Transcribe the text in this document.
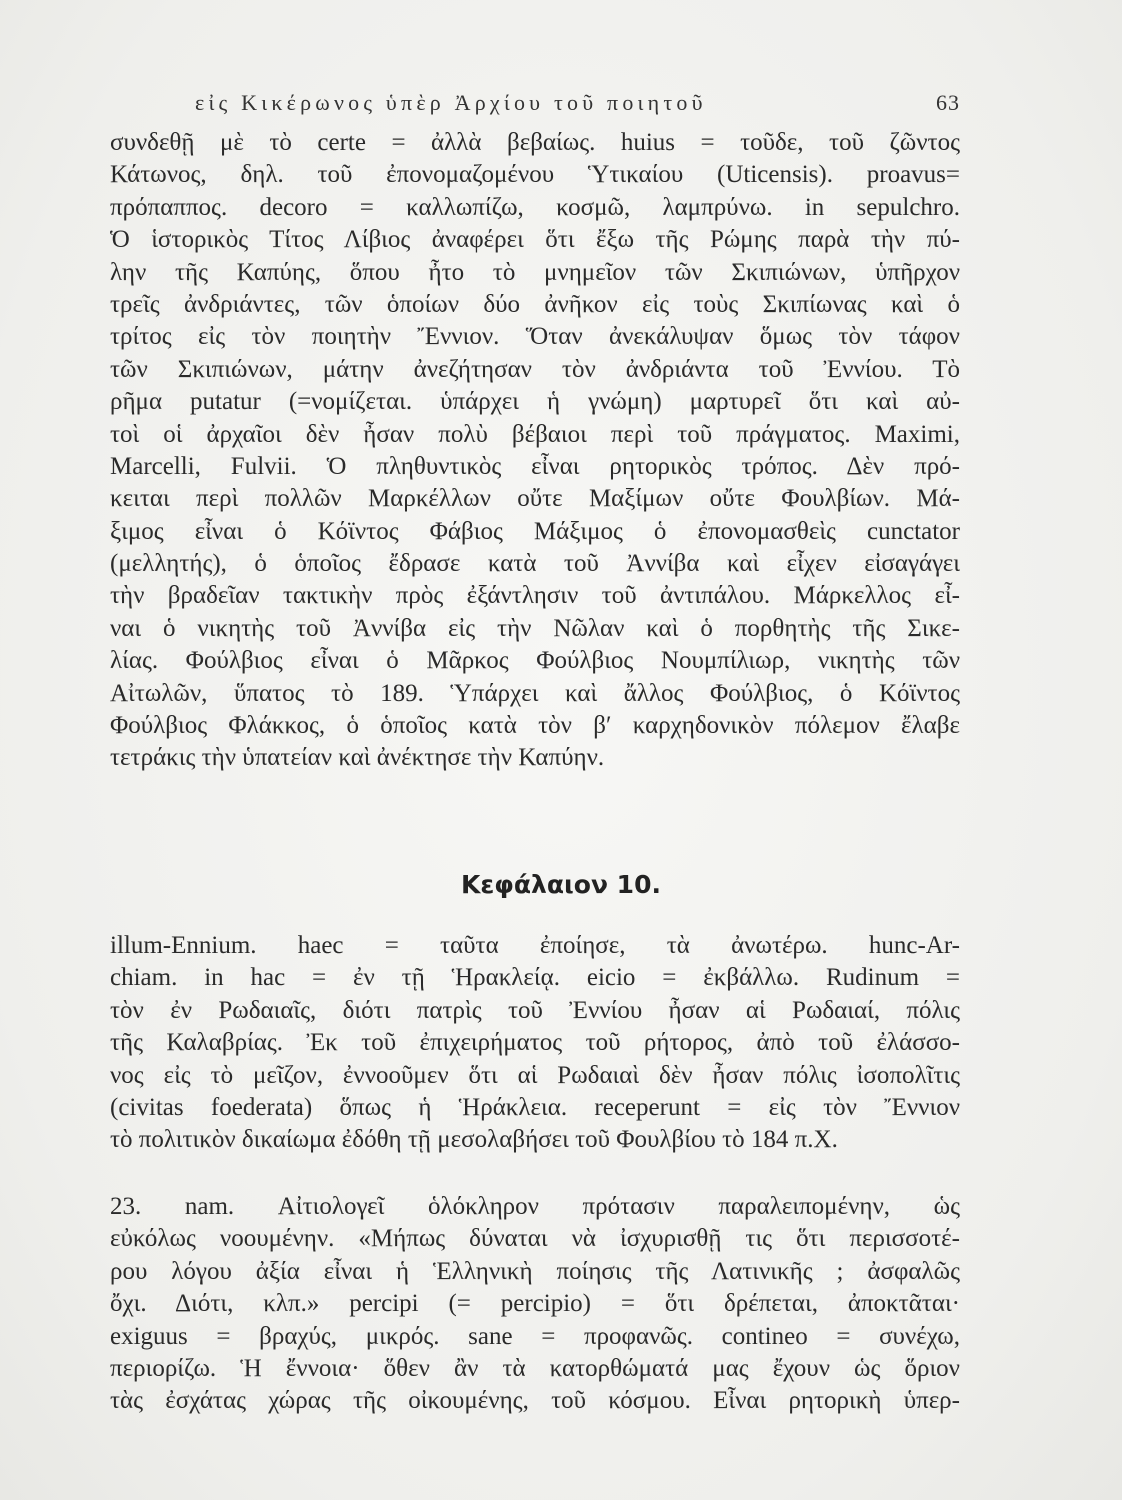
εἰς Κικέρωνος ὑπὲρ Ἀρχίου τοῦ ποιητοῦ	63
συνδεθῇ μὲ τὸ certe = ἀλλὰ βεβαίως. huius = τοῦδε, τοῦ ζῶντος
Κάτωνος, δηλ. τοῦ ἐπονομαζομένου Ὑτικαίου (Uticensis). proavus=
πρόπαππος. decoro = καλλωπίζω, κοσμῶ, λαμπρύνω. in sepulchro.
Ὁ ἱστορικὸς Τίτος Λίβιος ἀναφέρει ὅτι ἔξω τῆς Ρώμης παρὰ τὴν πύ-
λην τῆς Καπύης, ὅπου ἦτο τὸ μνημεῖον τῶν Σκιπιώνων, ὑπῆρχον
τρεῖς ἀνδριάντες, τῶν ὁποίων δύο ἀνῆκον εἰς τοὺς Σκιπίωνας καὶ ὁ
τρίτος εἰς τὸν ποιητὴν Ἔννιον. Ὅταν ἀνεκάλυψαν ὅμως τὸν τάφον
τῶν Σκιπιώνων, μάτην ἀνεζήτησαν τὸν ἀνδριάντα τοῦ Ἐννίου. Τὸ
ρῆμα putatur (=νομίζεται. ὑπάρχει ἡ γνώμη) μαρτυρεῖ ὅτι καὶ αὐ-
τοὶ οἱ ἀρχαῖοι δὲν ἦσαν πολὺ βέβαιοι περὶ τοῦ πράγματος. Maximi,
Marcelli, Fulvii. Ὁ πληθυντικὸς εἶναι ρητορικὸς τρόπος. Δὲν πρό-
κειται περὶ πολλῶν Μαρκέλλων οὔτε Μαξίμων οὔτε Φουλβίων. Μά-
ξιμος εἶναι ὁ Κόϊντος Φάβιος Μάξιμος ὁ ἐπονομασθεὶς cunctator
(μελλητής), ὁ ὁποῖος ἔδρασε κατὰ τοῦ Ἀννίβα καὶ εἶχεν εἰσαγάγει
τὴν βραδεῖαν τακτικὴν πρὸς ἐξάντλησιν τοῦ ἀντιπάλου. Μάρκελλος εἶ-
ναι ὁ νικητὴς τοῦ Ἀννίβα εἰς τὴν Νῶλαν καὶ ὁ πορθητὴς τῆς Σικε-
λίας. Φούλβιος εἶναι ὁ Μᾶρκος Φούλβιος Νουμπίλιωρ, νικητὴς τῶν
Αἰτωλῶν, ὕπατος τὸ 189. Ὑπάρχει καὶ ἄλλος Φούλβιος, ὁ Κόϊντος
Φούλβιος Φλάκκος, ὁ ὁποῖος κατὰ τὸν β′ καρχηδονικὸν πόλεμον ἔλαβε
τετράκις τὴν ὑπατείαν καὶ ἀνέκτησε τὴν Καπύην.
Κεφάλαιον 10.
illum-Ennium. haec = ταῦτα ἐποίησε, τὰ ἀνωτέρω. hunc-Ar-
chiam. in hac = ἐν τῇ Ἡρακλείᾳ. eicio = ἐκβάλλω. Rudinum =
τὸν ἐν Ρωδαιαῖς, διότι πατρὶς τοῦ Ἐννίου ἦσαν αἱ Ρωδαιαί, πόλις
τῆς Καλαβρίας. Ἐκ τοῦ ἐπιχειρήματος τοῦ ρήτορος, ἀπὸ τοῦ ἐλάσσο-
νος εἰς τὸ μεῖζον, ἐννοοῦμεν ὅτι αἱ Ρωδαιαὶ δὲν ἦσαν πόλις ἰσοπολῖτις
(civitas foederata) ὅπως ἡ Ἡράκλεια. receperunt = εἰς τὸν Ἔννιον
τὸ πολιτικὸν δικαίωμα ἐδόθη τῇ μεσολαβήσει τοῦ Φουλβίου τὸ 184 π.Χ.
23. nam. Αἰτιολογεῖ ὁλόκληρον πρότασιν παραλειπομένην, ὡς
εὐκόλως νοουμένην. «Μήπως δύναται νὰ ἰσχυρισθῇ τις ὅτι περισσοτέ-
ρου λόγου ἀξία εἶναι ἡ Ἑλληνικὴ ποίησις τῆς Λατινικῆς ; ἀσφαλῶς
ὄχι. Διότι, κλπ.» percipi (= percipio) = ὅτι δρέπεται, ἀποκτᾶται·
exiguus = βραχύς, μικρός. sane = προφανῶς. contineo = συνέχω,
περιορίζω. Ἡ ἔννοια· ὅθεν ἂν τὰ κατορθώματά μας ἔχουν ὡς ὅριον
τὰς ἐσχάτας χώρας τῆς οἰκουμένης, τοῦ κόσμου. Εἶναι ρητορικὴ ὑπερ-
